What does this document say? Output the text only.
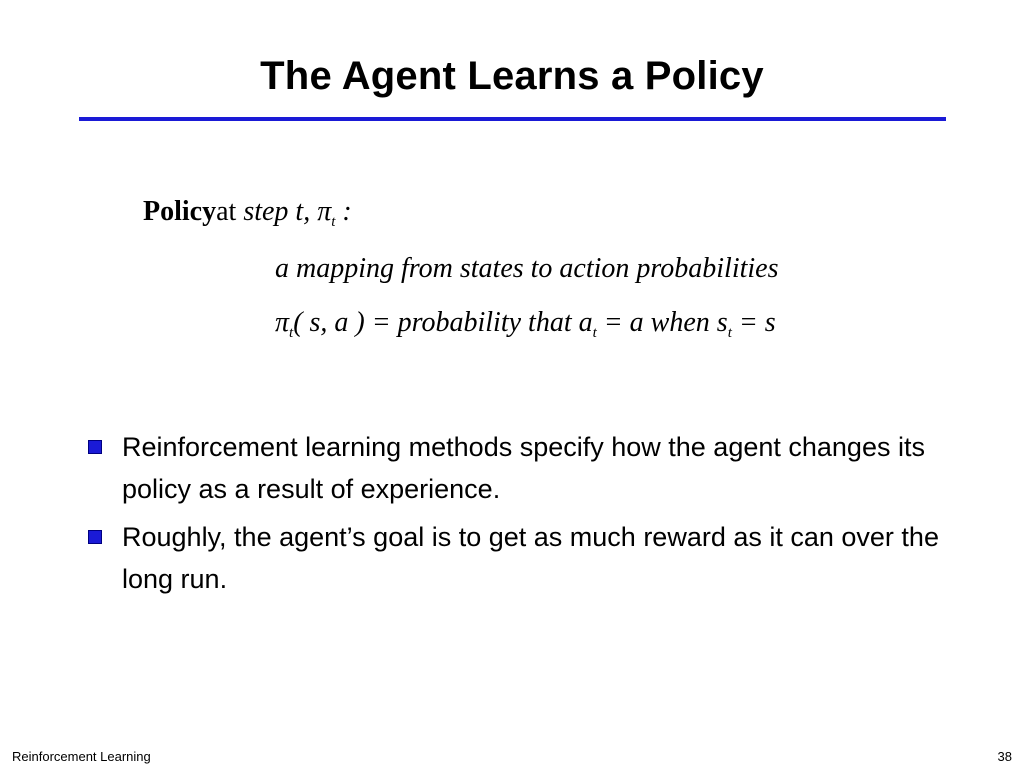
The Agent Learns a Policy
Policyat step t, $\pi_t$ :
a mapping from states to action probabilities
$\pi_t$( s, a ) = probability that $a_t = a$ when $s_t = s$
Reinforcement learning methods specify how the agent changes its policy as a result of experience.
Roughly, the agent’s goal is to get as much reward as it can over the long run.
Reinforcement Learning	38
